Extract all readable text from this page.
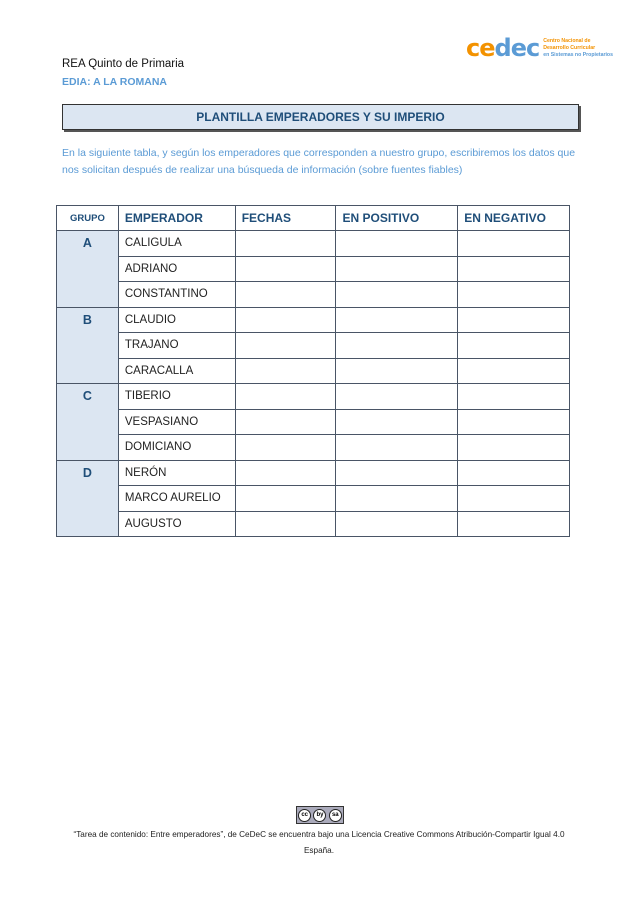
REA Quinto de Primaria
EDIA: A LA ROMANA
cedec Centro Nacional de
Desarrollo Curricular
en Sistemas no Propietarios
PLANTILLA EMPERADORES Y SU IMPERIO
En la siguiente tabla, y según los emperadores que corresponden a nuestro grupo, escribiremos los datos que nos solicitan después de realizar una búsqueda de información (sobre fuentes fiables)
GRUPO	EMPERADOR	FECHAS	EN POSITIVO	EN NEGATIVO
A	CALIGULA			
	ADRIANO			
	CONSTANTINO			
B	CLAUDIO			
	TRAJANO			
	CARACALLA			
C	TIBERIO			
	VESPASIANO			
	DOMICIANO			
D	NERÓN			
	MARCO AURELIO			
	AUGUSTO			
cc	by	sa
“Tarea de contenido: Entre emperadores”, de CeDeC se encuentra bajo una Licencia Creative Commons Atribución-Compartir Igual 4.0 España.
